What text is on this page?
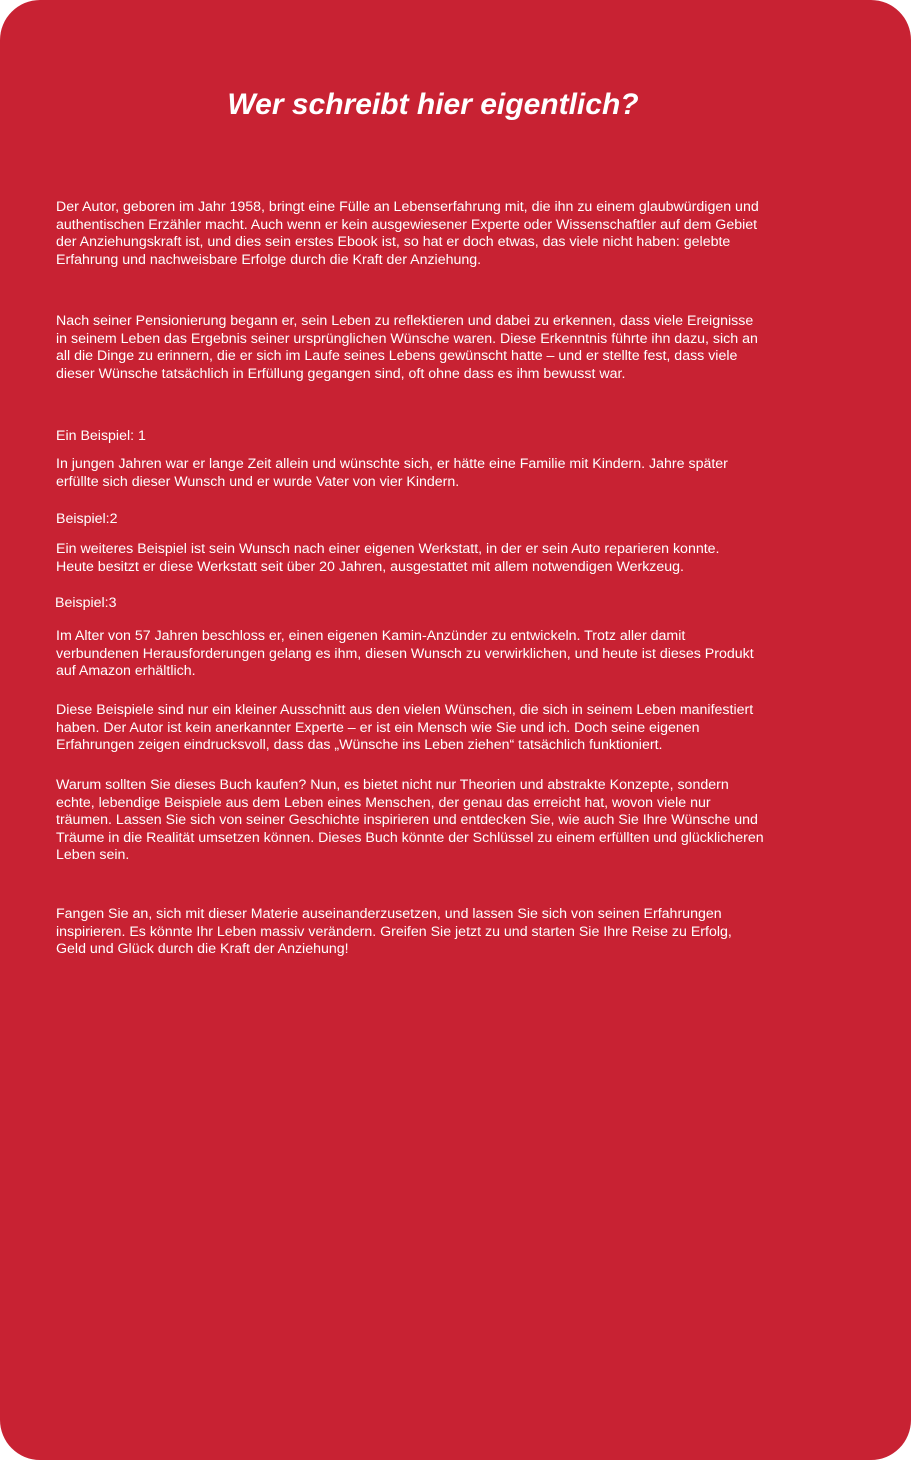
Wer schreibt hier eigentlich?

Der Autor, geboren im Jahr 1958, bringt eine Fülle an Lebenserfahrung mit, die ihn zu einem glaubwürdigen und
authentischen Erzähler macht. Auch wenn er kein ausgewiesener Experte oder Wissenschaftler auf dem Gebiet
der Anziehungskraft ist, und dies sein erstes Ebook ist, so hat er doch etwas, das viele nicht haben: gelebte
Erfahrung und nachweisbare Erfolge durch die Kraft der Anziehung.

Nach seiner Pensionierung begann er, sein Leben zu reflektieren und dabei zu erkennen, dass viele Ereignisse
in seinem Leben das Ergebnis seiner ursprünglichen Wünsche waren. Diese Erkenntnis führte ihn dazu, sich an
all die Dinge zu erinnern, die er sich im Laufe seines Lebens gewünscht hatte – und er stellte fest, dass viele
dieser Wünsche tatsächlich in Erfüllung gegangen sind, oft ohne dass es ihm bewusst war.

Ein Beispiel: 1

In jungen Jahren war er lange Zeit allein und wünschte sich, er hätte eine Familie mit Kindern. Jahre später
erfüllte sich dieser Wunsch und er wurde Vater von vier Kindern.

Beispiel:2

Ein weiteres Beispiel ist sein Wunsch nach einer eigenen Werkstatt, in der er sein Auto reparieren konnte.
Heute besitzt er diese Werkstatt seit über 20 Jahren, ausgestattet mit allem notwendigen Werkzeug.

Beispiel:3

Im Alter von 57 Jahren beschloss er, einen eigenen Kamin-Anzünder zu entwickeln. Trotz aller damit
verbundenen Herausforderungen gelang es ihm, diesen Wunsch zu verwirklichen, und heute ist dieses Produkt
auf Amazon erhältlich.

Diese Beispiele sind nur ein kleiner Ausschnitt aus den vielen Wünschen, die sich in seinem Leben manifestiert
haben. Der Autor ist kein anerkannter Experte – er ist ein Mensch wie Sie und ich. Doch seine eigenen
Erfahrungen zeigen eindrucksvoll, dass das „Wünsche ins Leben ziehen“ tatsächlich funktioniert.

Warum sollten Sie dieses Buch kaufen? Nun, es bietet nicht nur Theorien und abstrakte Konzepte, sondern
echte, lebendige Beispiele aus dem Leben eines Menschen, der genau das erreicht hat, wovon viele nur
träumen. Lassen Sie sich von seiner Geschichte inspirieren und entdecken Sie, wie auch Sie Ihre Wünsche und
Träume in die Realität umsetzen können. Dieses Buch könnte der Schlüssel zu einem erfüllten und glücklicheren
Leben sein.

Fangen Sie an, sich mit dieser Materie auseinanderzusetzen, und lassen Sie sich von seinen Erfahrungen
inspirieren. Es könnte Ihr Leben massiv verändern. Greifen Sie jetzt zu und starten Sie Ihre Reise zu Erfolg,
Geld und Glück durch die Kraft der Anziehung!
